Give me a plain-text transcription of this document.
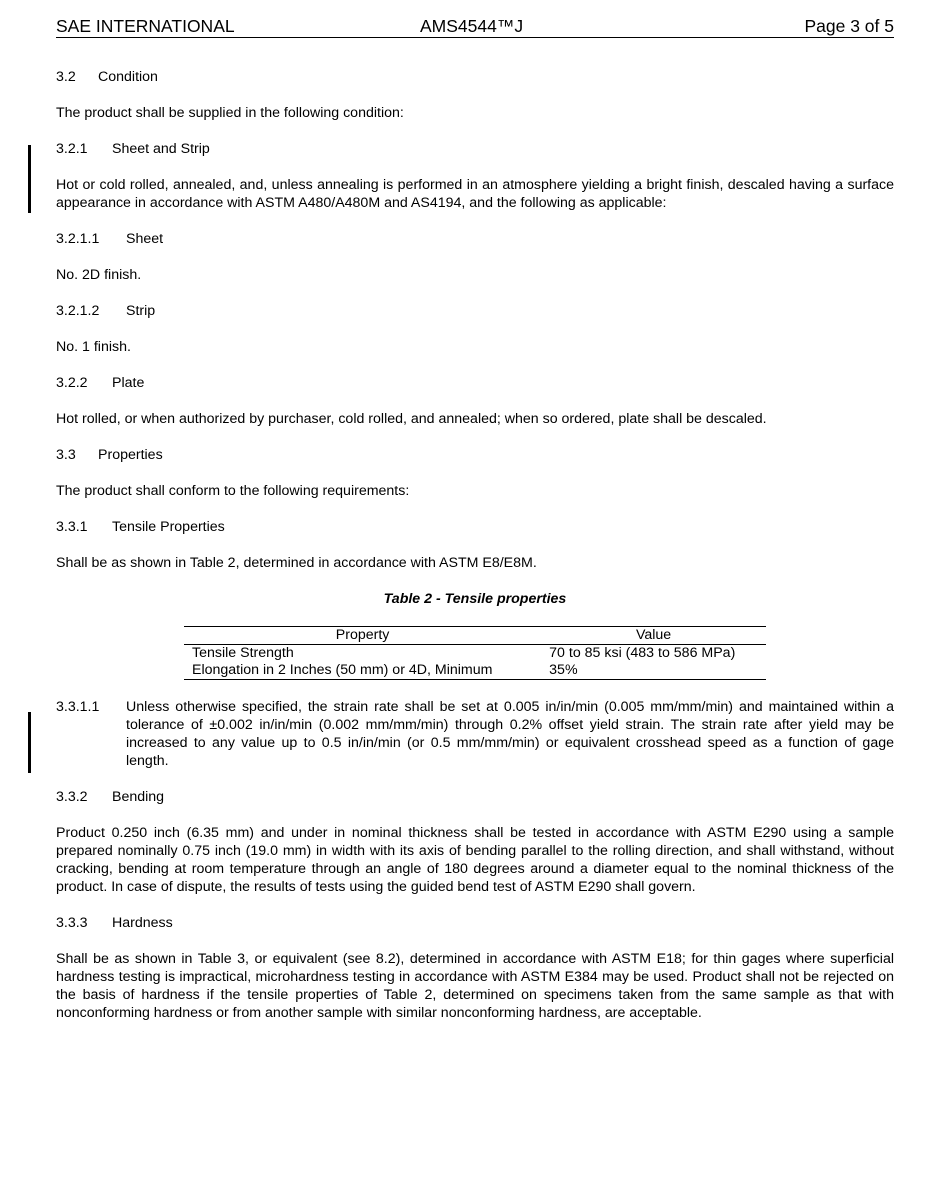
SAE INTERNATIONAL	AMS4544™J	Page 3 of 5
3.2 Condition

The product shall be supplied in the following condition:

3.2.1 Sheet and Strip

Hot or cold rolled, annealed, and, unless annealing is performed in an atmosphere yielding a bright finish, descaled having a surface appearance in accordance with ASTM A480/A480M and AS4194, and the following as applicable:

3.2.1.1 Sheet

No. 2D finish.

3.2.1.2 Strip

No. 1 finish.

3.2.2 Plate

Hot rolled, or when authorized by purchaser, cold rolled, and annealed; when so ordered, plate shall be descaled.

3.3 Properties

The product shall conform to the following requirements:

3.3.1 Tensile Properties

Shall be as shown in Table 2, determined in accordance with ASTM E8/E8M.

Table 2 - Tensile properties
Property	Value
Tensile Strength	70 to 85 ksi (483 to 586 MPa)
Elongation in 2 Inches (50 mm) or 4D, Minimum	35%
3.3.1.1	Unless otherwise specified, the strain rate shall be set at 0.005 in/in/min (0.005 mm/mm/min) and maintained within a tolerance of ±0.002 in/in/min (0.002 mm/mm/min) through 0.2% offset yield strain. The strain rate after yield may be increased to any value up to 0.5 in/in/min (or 0.5 mm/mm/min) or equivalent crosshead speed as a function of gage length.
3.3.2 Bending

Product 0.250 inch (6.35 mm) and under in nominal thickness shall be tested in accordance with ASTM E290 using a sample prepared nominally 0.75 inch (19.0 mm) in width with its axis of bending parallel to the rolling direction, and shall withstand, without cracking, bending at room temperature through an angle of 180 degrees around a diameter equal to the nominal thickness of the product. In case of dispute, the results of tests using the guided bend test of ASTM E290 shall govern.

3.3.3 Hardness

Shall be as shown in Table 3, or equivalent (see 8.2), determined in accordance with ASTM E18; for thin gages where superficial hardness testing is impractical, microhardness testing in accordance with ASTM E384 may be used. Product shall not be rejected on the basis of hardness if the tensile properties of Table 2, determined on specimens taken from the same sample as that with nonconforming hardness or from another sample with similar nonconforming hardness, are acceptable.
